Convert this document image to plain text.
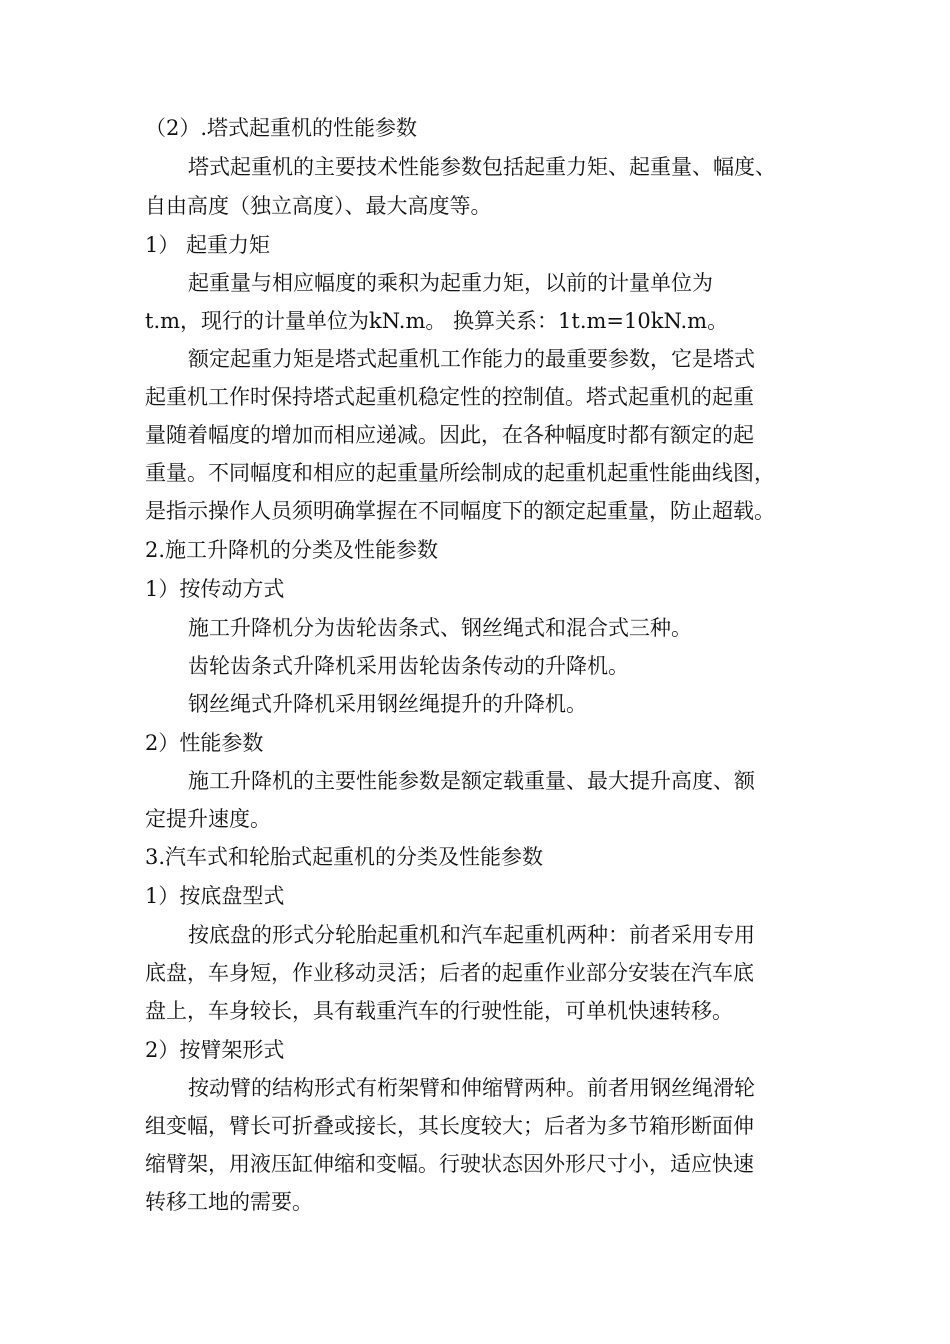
（2）.塔式起重机的性能参数
塔式起重机的主要技术性能参数包括起重力矩、起重量、幅度、
自由高度（独立高度）、最大高度等。
1） 起重力矩
起重量与相应幅度的乘积为起重力矩，以前的计量单位为
t.m，现行的计量单位为kN.m。 换算关系：1t.m=10kN.m。
额定起重力矩是塔式起重机工作能力的最重要参数，它是塔式
起重机工作时保持塔式起重机稳定性的控制值。塔式起重机的起重
量随着幅度的增加而相应递减。因此，在各种幅度时都有额定的起
重量。不同幅度和相应的起重量所绘制成的起重机起重性能曲线图，
是指示操作人员须明确掌握在不同幅度下的额定起重量，防止超载。
2.施工升降机的分类及性能参数
1）按传动方式
施工升降机分为齿轮齿条式、钢丝绳式和混合式三种。
齿轮齿条式升降机采用齿轮齿条传动的升降机。
钢丝绳式升降机采用钢丝绳提升的升降机。
2）性能参数
施工升降机的主要性能参数是额定载重量、最大提升高度、额
定提升速度。
3.汽车式和轮胎式起重机的分类及性能参数
1）按底盘型式
按底盘的形式分轮胎起重机和汽车起重机两种：前者采用专用
底盘，车身短，作业移动灵活；后者的起重作业部分安装在汽车底
盘上，车身较长，具有载重汽车的行驶性能，可单机快速转移。
2）按臂架形式
按动臂的结构形式有桁架臂和伸缩臂两种。前者用钢丝绳滑轮
组变幅，臂长可折叠或接长，其长度较大；后者为多节箱形断面伸
缩臂架，用液压缸伸缩和变幅。行驶状态因外形尺寸小，适应快速
转移工地的需要。
